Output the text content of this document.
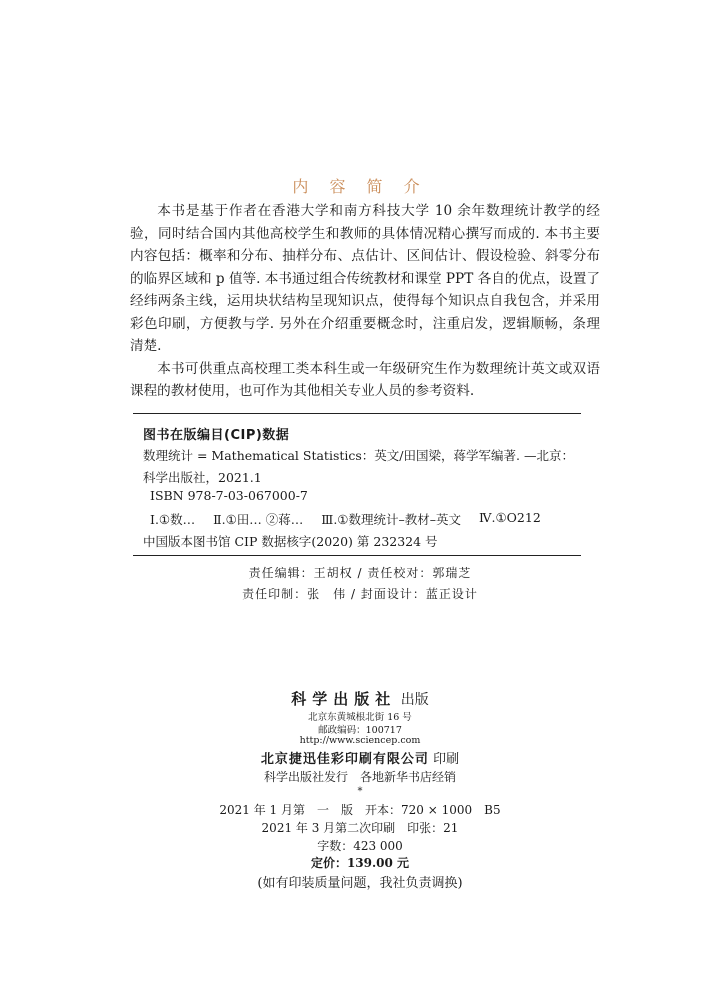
内 容 简 介

本书是基于作者在香港大学和南方科技大学 10 余年数理统计教学的经验，同时结合国内其他高校学生和教师的具体情况精心撰写而成的. 本书主要内容包括：概率和分布、抽样分布、点估计、区间估计、假设检验、斜零分布的临界区域和 p 值等. 本书通过组合传统教材和课堂 PPT 各自的优点，设置了经纬两条主线，运用块状结构呈现知识点，使得每个知识点自我包含，并采用彩色印刷，方便教与学. 另外在介绍重要概念时，注重启发，逻辑顺畅，条理清楚.

本书可供重点高校理工类本科生或一年级研究生作为数理统计英文或双语课程的教材使用，也可作为其他相关专业人员的参考资料.

图书在版编目(CIP)数据
数理统计 = Mathematical Statistics：英文/田国梁，蒋学军编著. —北京：科学出版社，2021.1
ISBN 978-7-03-067000-7
Ⅰ.①数… Ⅱ.①田… ②蒋… Ⅲ.①数理统计–教材–英文 Ⅳ.①O212
中国版本图书馆 CIP 数据核字(2020) 第 232324 号
责任编辑：王胡权 / 责任校对：郭瑞芝
责任印制：张　伟 / 封面设计：蓝正设计
科学出版社 出版
北京东黄城根北街 16 号
邮政编码：100717
http://www.sciencep.com
北京捷迅佳彩印刷有限公司 印刷
科学出版社发行　各地新华书店经销
*
2021 年 1 月第　一　版　开本：720 × 1000　B5
2021 年 3 月第二次印刷　印张：21
字数：423 000
定价：139.00 元
(如有印装质量问题，我社负责调换)
